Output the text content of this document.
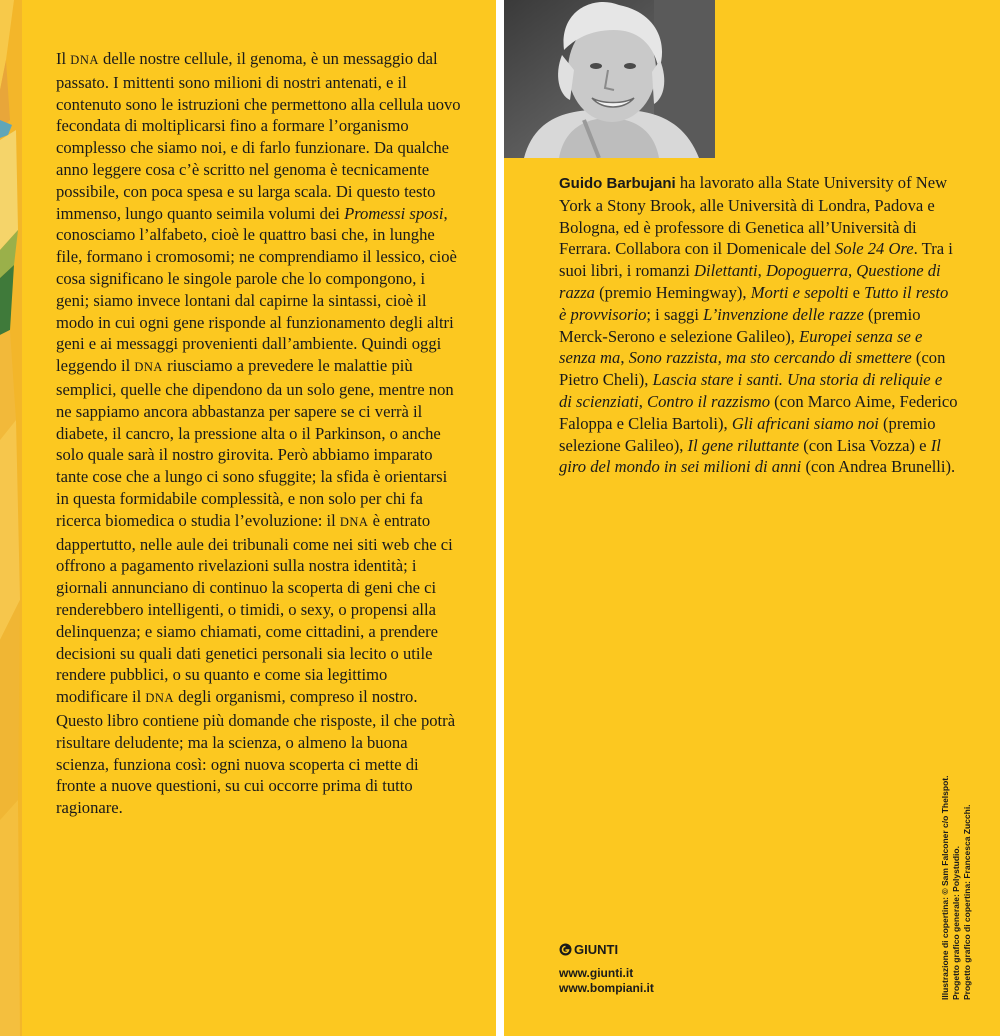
Il DNA delle nostre cellule, il genoma, è un messaggio dal passato. I mittenti sono milioni di nostri antenati, e il contenuto sono le istruzioni che permettono alla cellula uovo fecondata di moltiplicarsi fino a formare l’organismo complesso che siamo noi, e di farlo funzionare. Da qualche anno leggere cosa c’è scritto nel genoma è tecnicamente possibile, con poca spesa e su larga scala. Di questo testo immenso, lungo quanto seimila volumi dei Promessi sposi, conosciamo l’alfabeto, cioè le quattro basi che, in lunghe file, formano i cromosomi; ne comprendiamo il lessico, cioè cosa significano le singole parole che lo compongono, i geni; siamo invece lontani dal capirne la sintassi, cioè il modo in cui ogni gene risponde al funzionamento degli altri geni e ai messaggi provenienti dall’ambiente. Quindi oggi leggendo il DNA riusciamo a prevedere le malattie più semplici, quelle che dipendono da un solo gene, mentre non ne sappiamo ancora abbastanza per sapere se ci verrà il diabete, il cancro, la pressione alta o il Parkinson, o anche solo quale sarà il nostro girovita. Però abbiamo imparato tante cose che a lungo ci sono sfuggite; la sfida è orientarsi in questa formidabile complessità, e non solo per chi fa ricerca biomedica o studia l’evoluzione: il DNA è entrato dappertutto, nelle aule dei tribunali come nei siti web che ci offrono a pagamento rivelazioni sulla nostra identità; i giornali annunciano di continuo la scoperta di geni che ci renderebbero intelligenti, o timidi, o sexy, o propensi alla delinquenza; e siamo chiamati, come cittadini, a prendere decisioni su quali dati genetici personali sia lecito o utile rendere pubblici, o su quanto e come sia legittimo modificare il DNA degli organismi, compreso il nostro. Questo libro contiene più domande che risposte, il che potrà risultare deludente; ma la scienza, o almeno la buona scienza, funziona così: ogni nuova scoperta ci mette di fronte a nuove questioni, su cui occorre prima di tutto ragionare.

Guido Barbujani ha lavorato alla State University of New York a Stony Brook, alle Università di Londra, Padova e Bologna, ed è professore di Genetica all’Università di Ferrara. Collabora con il Domenicale del Sole 24 Ore. Tra i suoi libri, i romanzi Dilettanti, Dopoguerra, Questione di razza (premio Hemingway), Morti e sepolti e Tutto il resto è provvisorio; i saggi L’invenzione delle razze (premio Merck-Serono e selezione Galileo), Europei senza se e senza ma, Sono razzista, ma sto cercando di smettere (con Pietro Cheli), Lascia stare i santi. Una storia di reliquie e di scienziati, Contro il razzismo (con Marco Aime, Federico Faloppa e Clelia Bartoli), Gli africani siamo noi (premio selezione Galileo), Il gene riluttante (con Lisa Vozza) e Il giro del mondo in sei milioni di anni (con Andrea Brunelli).
GIUNTI
www.giunti.it
www.bompiani.it	Illustrazione di copertina: © Sam Falconer c/o Thelspot. Progetto grafico generale: Polystudio. Progetto grafico di copertina: Francesca Zucchi.
